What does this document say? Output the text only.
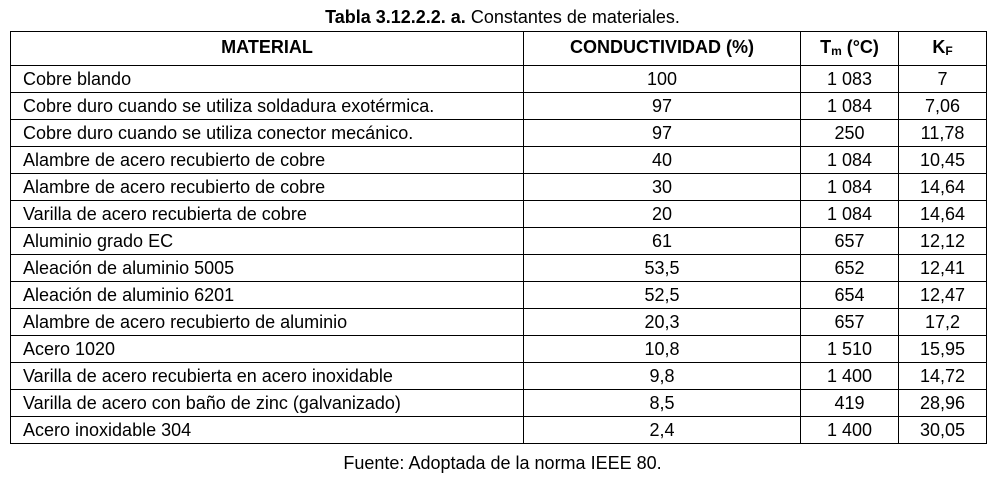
Tabla 3.12.2.2. a. Constantes de materiales.
MATERIAL	CONDUCTIVIDAD (%)	Tm (°C)	KF
Cobre blando	100	1 083	7
Cobre duro cuando se utiliza soldadura exotérmica.	97	1 084	7,06
Cobre duro cuando se utiliza conector mecánico.	97	250	11,78
Alambre de acero recubierto de cobre	40	1 084	10,45
Alambre de acero recubierto de cobre	30	1 084	14,64
Varilla de acero recubierta de cobre	20	1 084	14,64
Aluminio grado EC	61	657	12,12
Aleación de aluminio 5005	53,5	652	12,41
Aleación de aluminio 6201	52,5	654	12,47
Alambre de acero recubierto de aluminio	20,3	657	17,2
Acero 1020	10,8	1 510	15,95
Varilla de acero recubierta en acero inoxidable	9,8	1 400	14,72
Varilla de acero con baño de zinc (galvanizado)	8,5	419	28,96
Acero inoxidable 304	2,4	1 400	30,05
Fuente: Adoptada de la norma IEEE 80.
